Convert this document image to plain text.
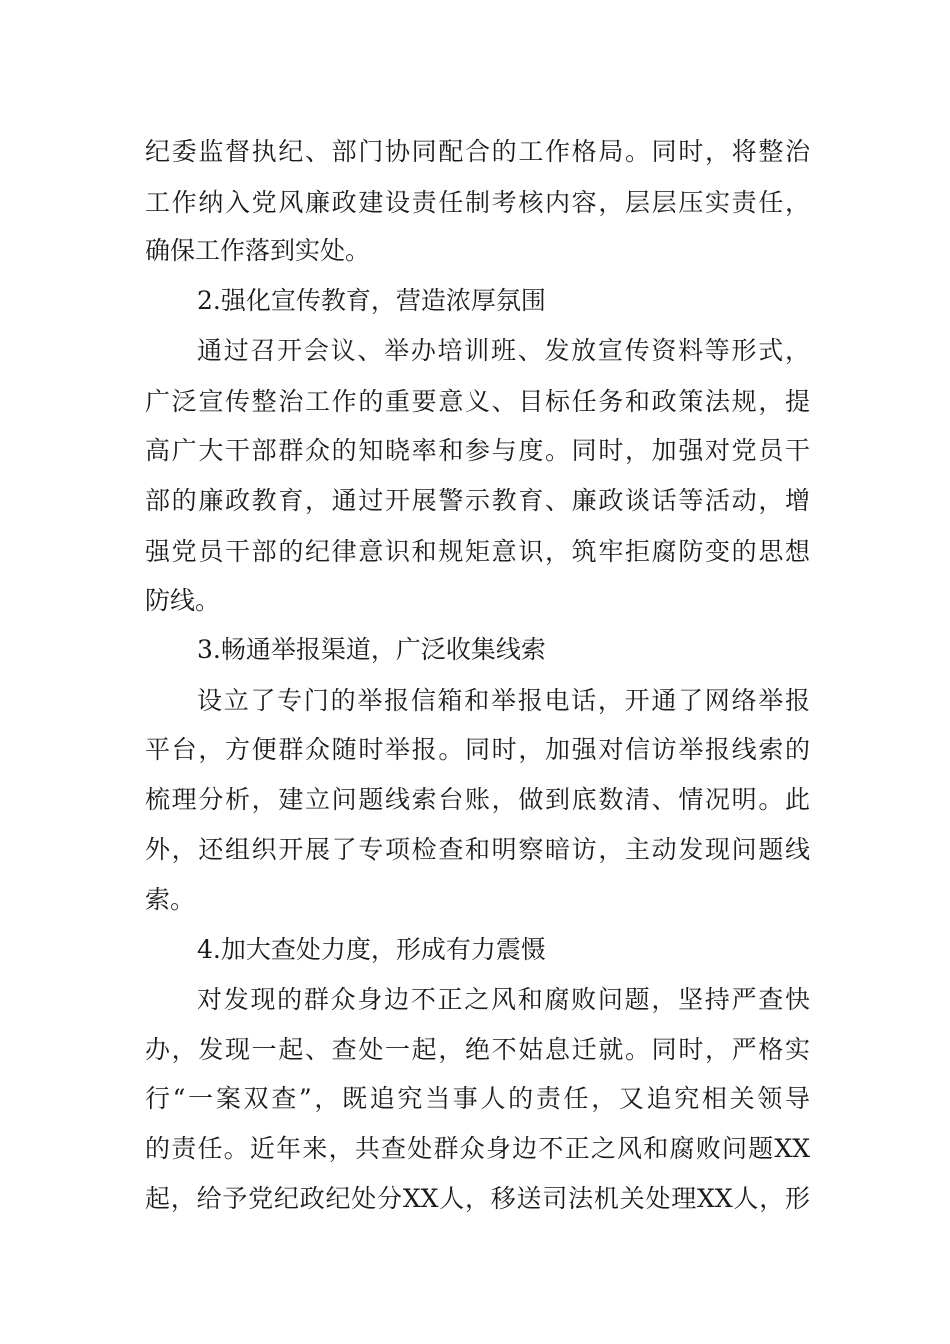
纪委监督执纪、部门协同配合的工作格局。同时，将整治
工作纳入党风廉政建设责任制考核内容，层层压实责任，
确保工作落到实处。
2.强化宣传教育，营造浓厚氛围
通过召开会议、举办培训班、发放宣传资料等形式，
广泛宣传整治工作的重要意义、目标任务和政策法规，提
高广大干部群众的知晓率和参与度。同时，加强对党员干
部的廉政教育，通过开展警示教育、廉政谈话等活动，增
强党员干部的纪律意识和规矩意识，筑牢拒腐防变的思想
防线。
3.畅通举报渠道，广泛收集线索
设立了专门的举报信箱和举报电话，开通了网络举报
平台，方便群众随时举报。同时，加强对信访举报线索的
梳理分析，建立问题线索台账，做到底数清、情况明。此
外，还组织开展了专项检查和明察暗访，主动发现问题线
索。
4.加大查处力度，形成有力震慑
对发现的群众身边不正之风和腐败问题，坚持严查快
办，发现一起、查处一起，绝不姑息迁就。同时，严格实
行“一案双查”，既追究当事人的责任，又追究相关领导
的责任。近年来，共查处群众身边不正之风和腐败问题XX
起，给予党纪政纪处分XX人，移送司法机关处理XX人，形
